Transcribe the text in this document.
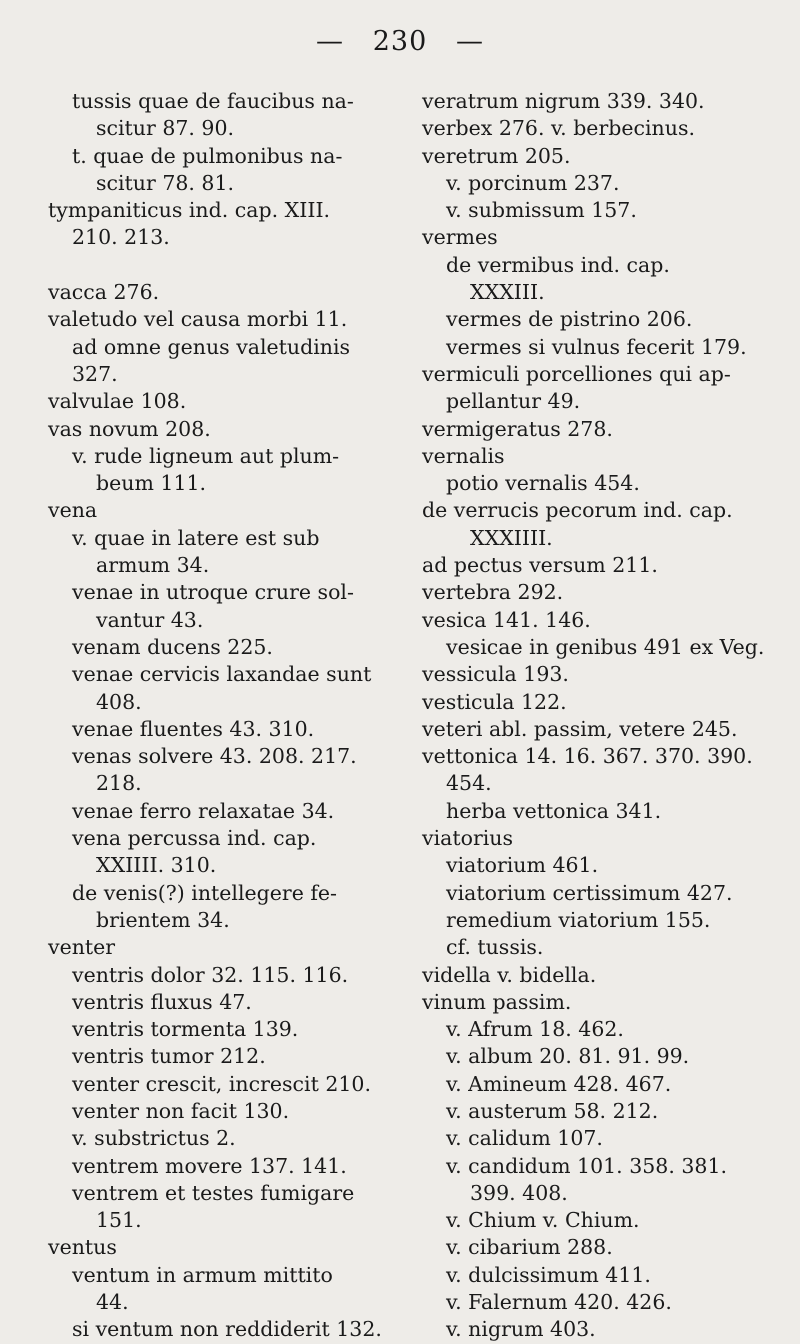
— 230 —
tussis quae de faucibus na-
scitur 87. 90.
t. quae de pulmonibus na-
scitur 78. 81.
tympaniticus ind. cap. XIII.
210. 213.
vacca 276.
valetudo vel causa morbi 11.
ad omne genus valetudinis
327.
valvulae 108.
vas novum 208.
v. rude ligneum aut plum-
beum 111.
vena
v. quae in latere est sub
armum 34.
venae in utroque crure sol-
vantur 43.
venam ducens 225.
venae cervicis laxandae sunt
408.
venae fluentes 43. 310.
venas solvere 43. 208. 217.
218.
venae ferro relaxatae 34.
vena percussa ind. cap.
XXIIII. 310.
de venis(?) intellegere fe-
brientem 34.
venter
ventris dolor 32. 115. 116.
ventris fluxus 47.
ventris tormenta 139.
ventris tumor 212.
venter crescit, increscit 210.
venter non facit 130.
v. substrictus 2.
ventrem movere 137. 141.
ventrem et testes fumigare
151.
ventus
ventum in armum mittito
44.
si ventum non reddiderit 132.
veratrum nigrum 339. 340.
verbex 276. v. berbecinus.
veretrum 205.
v. porcinum 237.
v. submissum 157.
vermes
de vermibus ind. cap.
XXXIII.
vermes de pistrino 206.
vermes si vulnus fecerit 179.
vermiculi porcelliones qui ap-
pellantur 49.
vermigeratus 278.
vernalis
potio vernalis 454.
de verrucis pecorum ind. cap.
XXXIIII.
ad pectus versum 211.
vertebra 292.
vesica 141. 146.
vesicae in genibus 491 ex Veg.
vessicula 193.
vesticula 122.
veteri abl. passim, vetere 245.
vettonica 14. 16. 367. 370. 390.
454.
herba vettonica 341.
viatorius
viatorium 461.
viatorium certissimum 427.
remedium viatorium 155.
cf. tussis.
vidella v. bidella.
vinum passim.
v. Afrum 18. 462.
v. album 20. 81. 91. 99.
v. Amineum 428. 467.
v. austerum 58. 212.
v. calidum 107.
v. candidum 101. 358. 381.
399. 408.
v. Chium v. Chium.
v. cibarium 288.
v. dulcissimum 411.
v. Falernum 420. 426.
v. nigrum 403.
